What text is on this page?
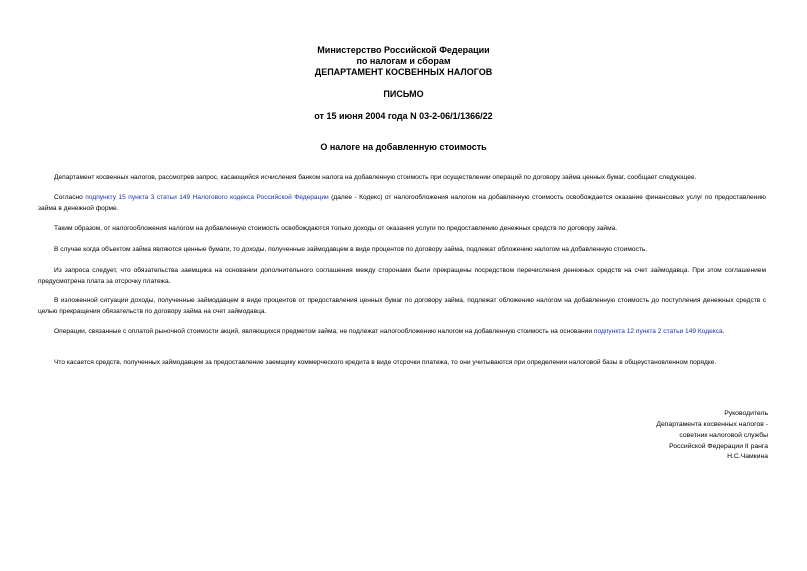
Министерство Российской Федерации
по налогам и сборам
ДЕПАРТАМЕНТ КОСВЕННЫХ НАЛОГОВ
ПИСЬМО
от 15 июня 2004 года N 03-2-06/1/1366/22
О налоге на добавленную стоимость
Департамент косвенных налогов, рассмотрев запрос, касающийся исчисления банком налога на добавленную стоимость при осуществлении операций по договору займа ценных бумаг, сообщает следующее.
Согласно подпункту 15 пункта 3 статьи 149 Налогового кодекса Российской Федерации (далее - Кодекс) от налогообложения налогом на добавленную стоимость освобождается оказание финансовых услуг по предоставлению займа в денежной форме.
Таким образом, от налогообложения налогом на добавленную стоимость освобождаются только доходы от оказания услуги по предоставлению денежных средств по договору займа.
В случае когда объектом займа являются ценные бумаги, то доходы, полученные займодавцем в виде процентов по договору займа, подлежат обложению налогом на добавленную стоимость.
Из запроса следует, что обязательства заемщика на основании дополнительного соглашения между сторонами были прекращены посредством перечисления денежных средств на счет займодавца. При этом соглашением предусмотрена плата за отсрочку платежа.
В изложенной ситуации доходы, полученные займодавцем в виде процентов от предоставления ценных бумаг по договору займа, подлежат обложению налогом на добавленную стоимость до поступления денежных средств с целью прекращения обязательств по договору займа на счет займодавца.
Операции, связанные с оплатой рыночной стоимости акций, являющихся предметом займа, не подлежат налогообложению налогом на добавленную стоимость на основании подпункта 12 пункта 2 статьи 149 Кодекса.
Что касается средств, полученных займодавцем за предоставление заемщику коммерческого кредита в виде отсрочки платежа, то они учитываются при определении налоговой базы в общеустановленном порядке.
Руководитель
Департамента косвенных налогов -
советник налоговой службы
Российской Федерации II ранга
Н.С.Чамкина
